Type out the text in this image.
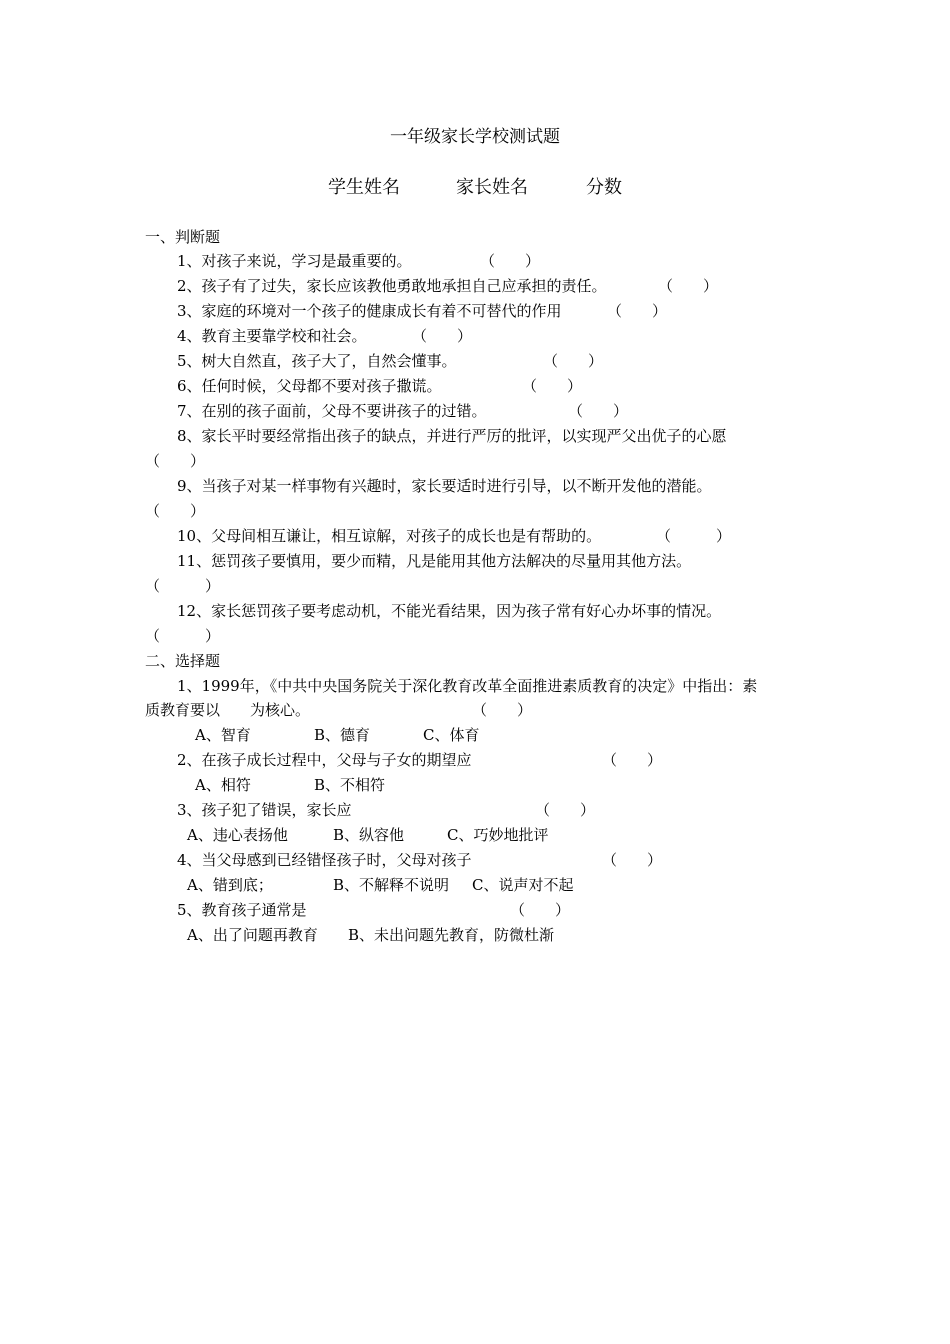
一年级家长学校测试题
学生姓名	家长姓名	分数
一、判断题
1、对孩子来说，学习是最重要的。	（　　）
2、孩子有了过失，家长应该教他勇敢地承担自己应承担的责任。	（　　）
3、家庭的环境对一个孩子的健康成长有着不可替代的作用	（　　）
4、教育主要靠学校和社会。	（　　）
5、树大自然直，孩子大了，自然会懂事。	（　　）
6、任何时候，父母都不要对孩子撒谎。	（　　）
7、在别的孩子面前，父母不要讲孩子的过错。	（　　）
8、家长平时要经常指出孩子的缺点，并进行严厉的批评，以实现严父出优子的心愿
（　　）
9、当孩子对某一样事物有兴趣时，家长要适时进行引导，以不断开发他的潜能。
（　　）
10、父母间相互谦让，相互谅解，对孩子的成长也是有帮助的。	（　　　）
11、惩罚孩子要慎用，要少而精，凡是能用其他方法解决的尽量用其他方法。
（　　　）
12、家长惩罚孩子要考虑动机，不能光看结果，因为孩子常有好心办坏事的情况。
（　　　）
二、选择题
1、1999年，《中共中央国务院关于深化教育改革全面推进素质教育的决定》中指出：素
质教育要以　　为核心。	（　　）
A、智育	B、德育	C、体育
2、在孩子成长过程中，父母与子女的期望应	（　　）
A、相符	B、不相符
3、孩子犯了错误，家长应	（　　）
A、违心表扬他	B、纵容他	C、巧妙地批评
4、当父母感到已经错怪孩子时，父母对孩子	（　　）
A、错到底；	B、不解释不说明 C、说声对不起
5、教育孩子通常是	（　　）
A、出了问题再教育 B、未出问题先教育，防微杜渐
